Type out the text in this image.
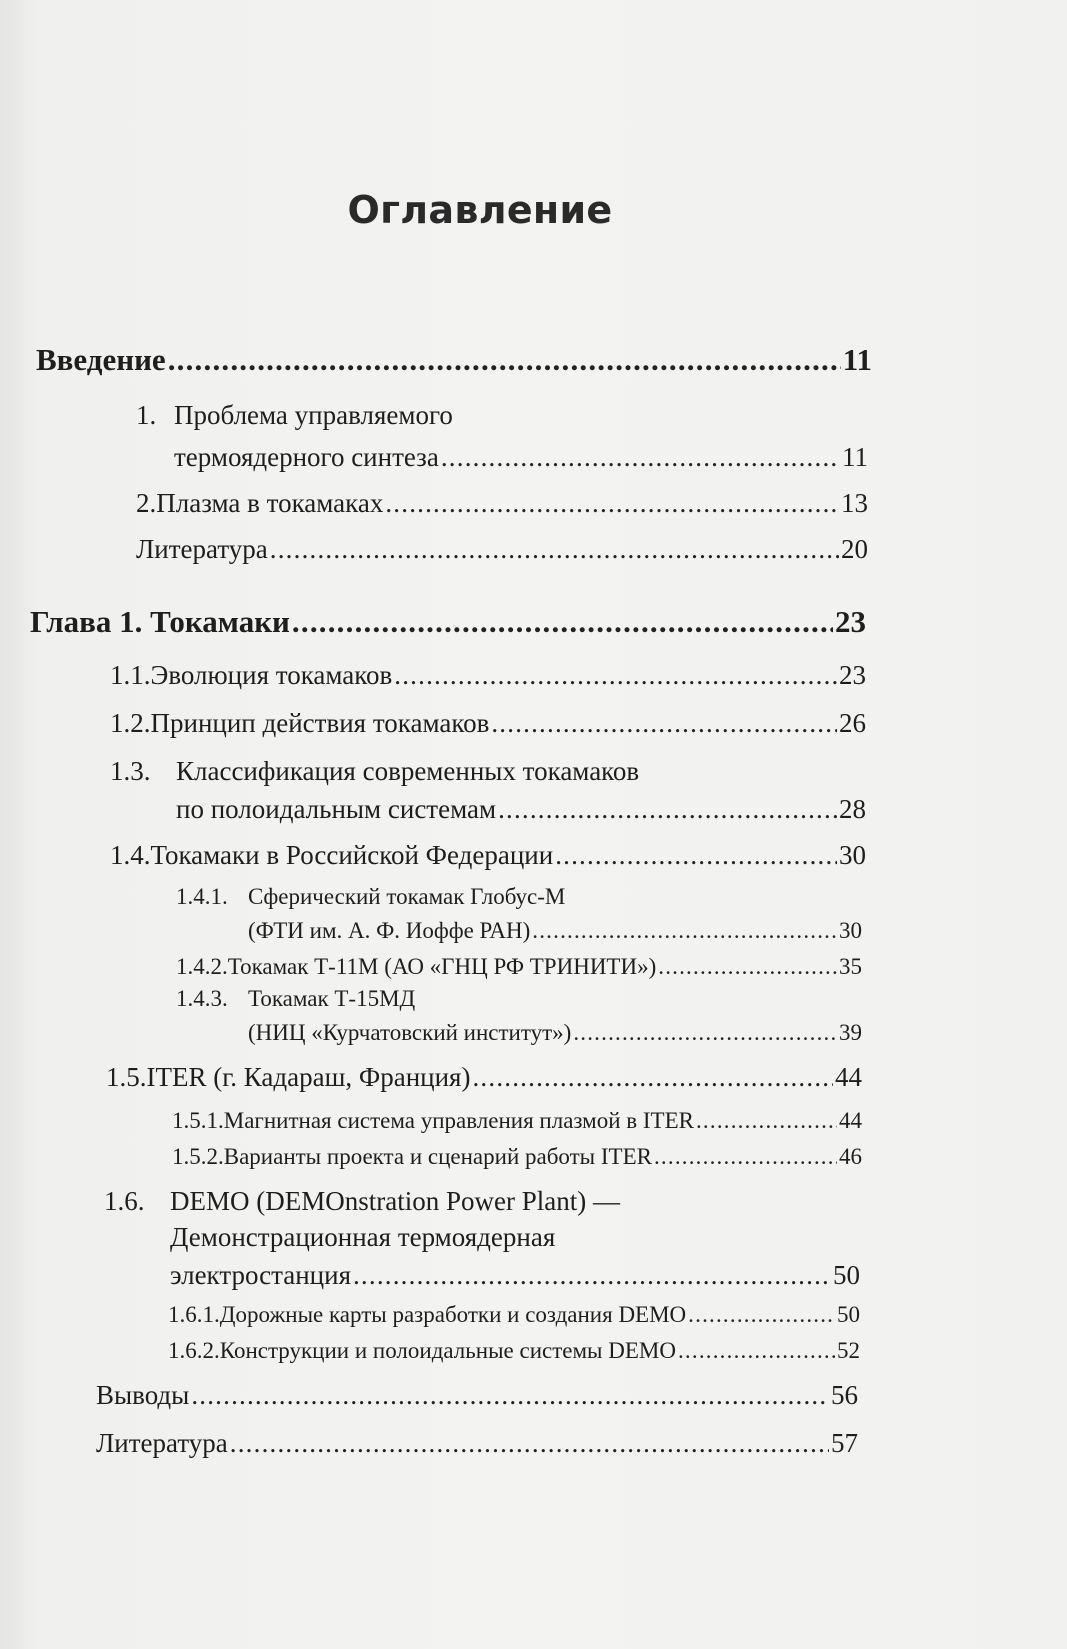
Оглавление
Введение .....	11
1. Проблема управляемого
термоядерного синтеза .....	11
2. Плазма в токамаках .....	13
Литература .....	20
Глава 1. Токамаки .....	23
1.1. Эволюция токамаков .....	23
1.2. Принцип действия токамаков .....	26
1.3. Классификация современных токамаков
по полоидальным системам .....	28
1.4. Токамаки в Российской Федерации .....	30
1.4.1. Сферический токамак Глобус-М
(ФТИ им. А. Ф. Иоффе РАН) .....	30
1.4.2. Токамак Т-11М (АО «ГНЦ РФ ТРИНИТИ») .....	35
1.4.3. Токамак Т-15МД
(НИЦ «Курчатовский институт») .....	39
1.5. ITER (г. Кадараш, Франция) .....	44
1.5.1. Магнитная система управления плазмой в ITER .....	44
1.5.2. Варианты проекта и сценарий работы ITER .....	46
1.6. DEMO (DEMOnstration Power Plant) —
Демонстрационная термоядерная
электростанция .....	50
1.6.1. Дорожные карты разработки и создания DEMO .....	50
1.6.2. Конструкции и полоидальные системы DEMO .....	52
Выводы .....	56
Литература .....	57
